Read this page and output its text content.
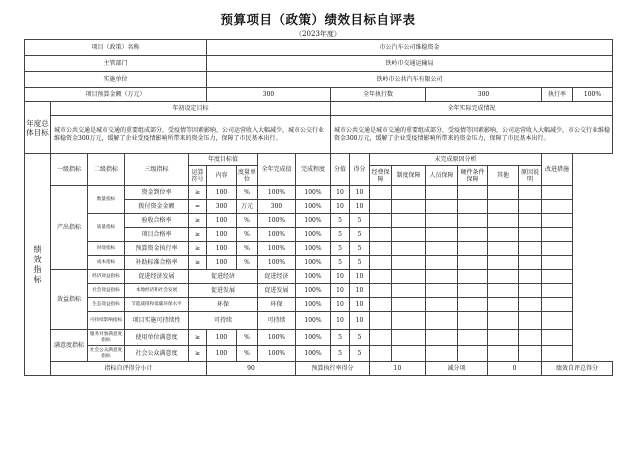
预算项目（政策）绩效目标自评表
（2023年度）
项目（政策）名称					市公汽车公司维稳资金														
主管部门					铁岭市交通运输局														
实施单位					铁岭市公共汽车有限公司														
项目预算金额（万元）					300				全年执行数				300				执行率	100%	
年度总体目标	年初设定目标								全年实际完成情况										
	城市公共交通是城市交通的重要组成部分，受疫情等因素影响，公司运营收入大幅减少，城市公交行业维稳资金300万元，缓解了企业受疫情影响所带来的资金压力，保障了市民基本出行。								城市公共交通是城市交通的重要组成部分，受疫情等因素影响，公司运营收入大幅减少，市公交行业维稳资金300万元，缓解了企业受疫情影响所带来的资金压力，保障了市民基本出行。										

绩效指标	一级指标	二级指标	三级指标	年度目标值			全年完成值	完成程度	分值	得分	未完成原因分析						改进措施		
				运算符号	内容	度量单位					经费保障	制度保障	人员保障	硬件条件保障	其他	原因说明			
	产出指标	数量指标	资金到位率	≥	100	%	100%	100%	10	10									

			拨付资金金额	=	300	万元	300	100%	10	10									

		质量指标	验收合格率	≥	100	%	100%	100%	5	5									

			项目合格率	≥	100	%	100%	100%	5	5									

		时效指标	预算资金执行率	≥	100	%	100%	100%	5	5									

		成本指标	补助标准合格率	≥	100	%	100%	100%	5	5									

	效益指标	经济效益指标	促进经济发展	促进经济			促进经济	100%	10	10									

		社会效益指标	本地经济和社会发展	促进发展			促进发展	100%	10	10									

		生态效益指标	节能减排和低碳环保水平	环保			环保	100%	10	10									

		可持续影响指标	项目实施可持续性	可持续			可持续	100%	10	10									

	满意度指标	服务对象满意度指标	使用单位满意度	≥	100	%	100%	100%	5	5									

		社会公众满意度指标	社会公众满意度	≥	100	%	100%	100%	5	5									

	指标自评得分小计				90			预算执行率得分			10		减分项		0		绩效自评总得分	
